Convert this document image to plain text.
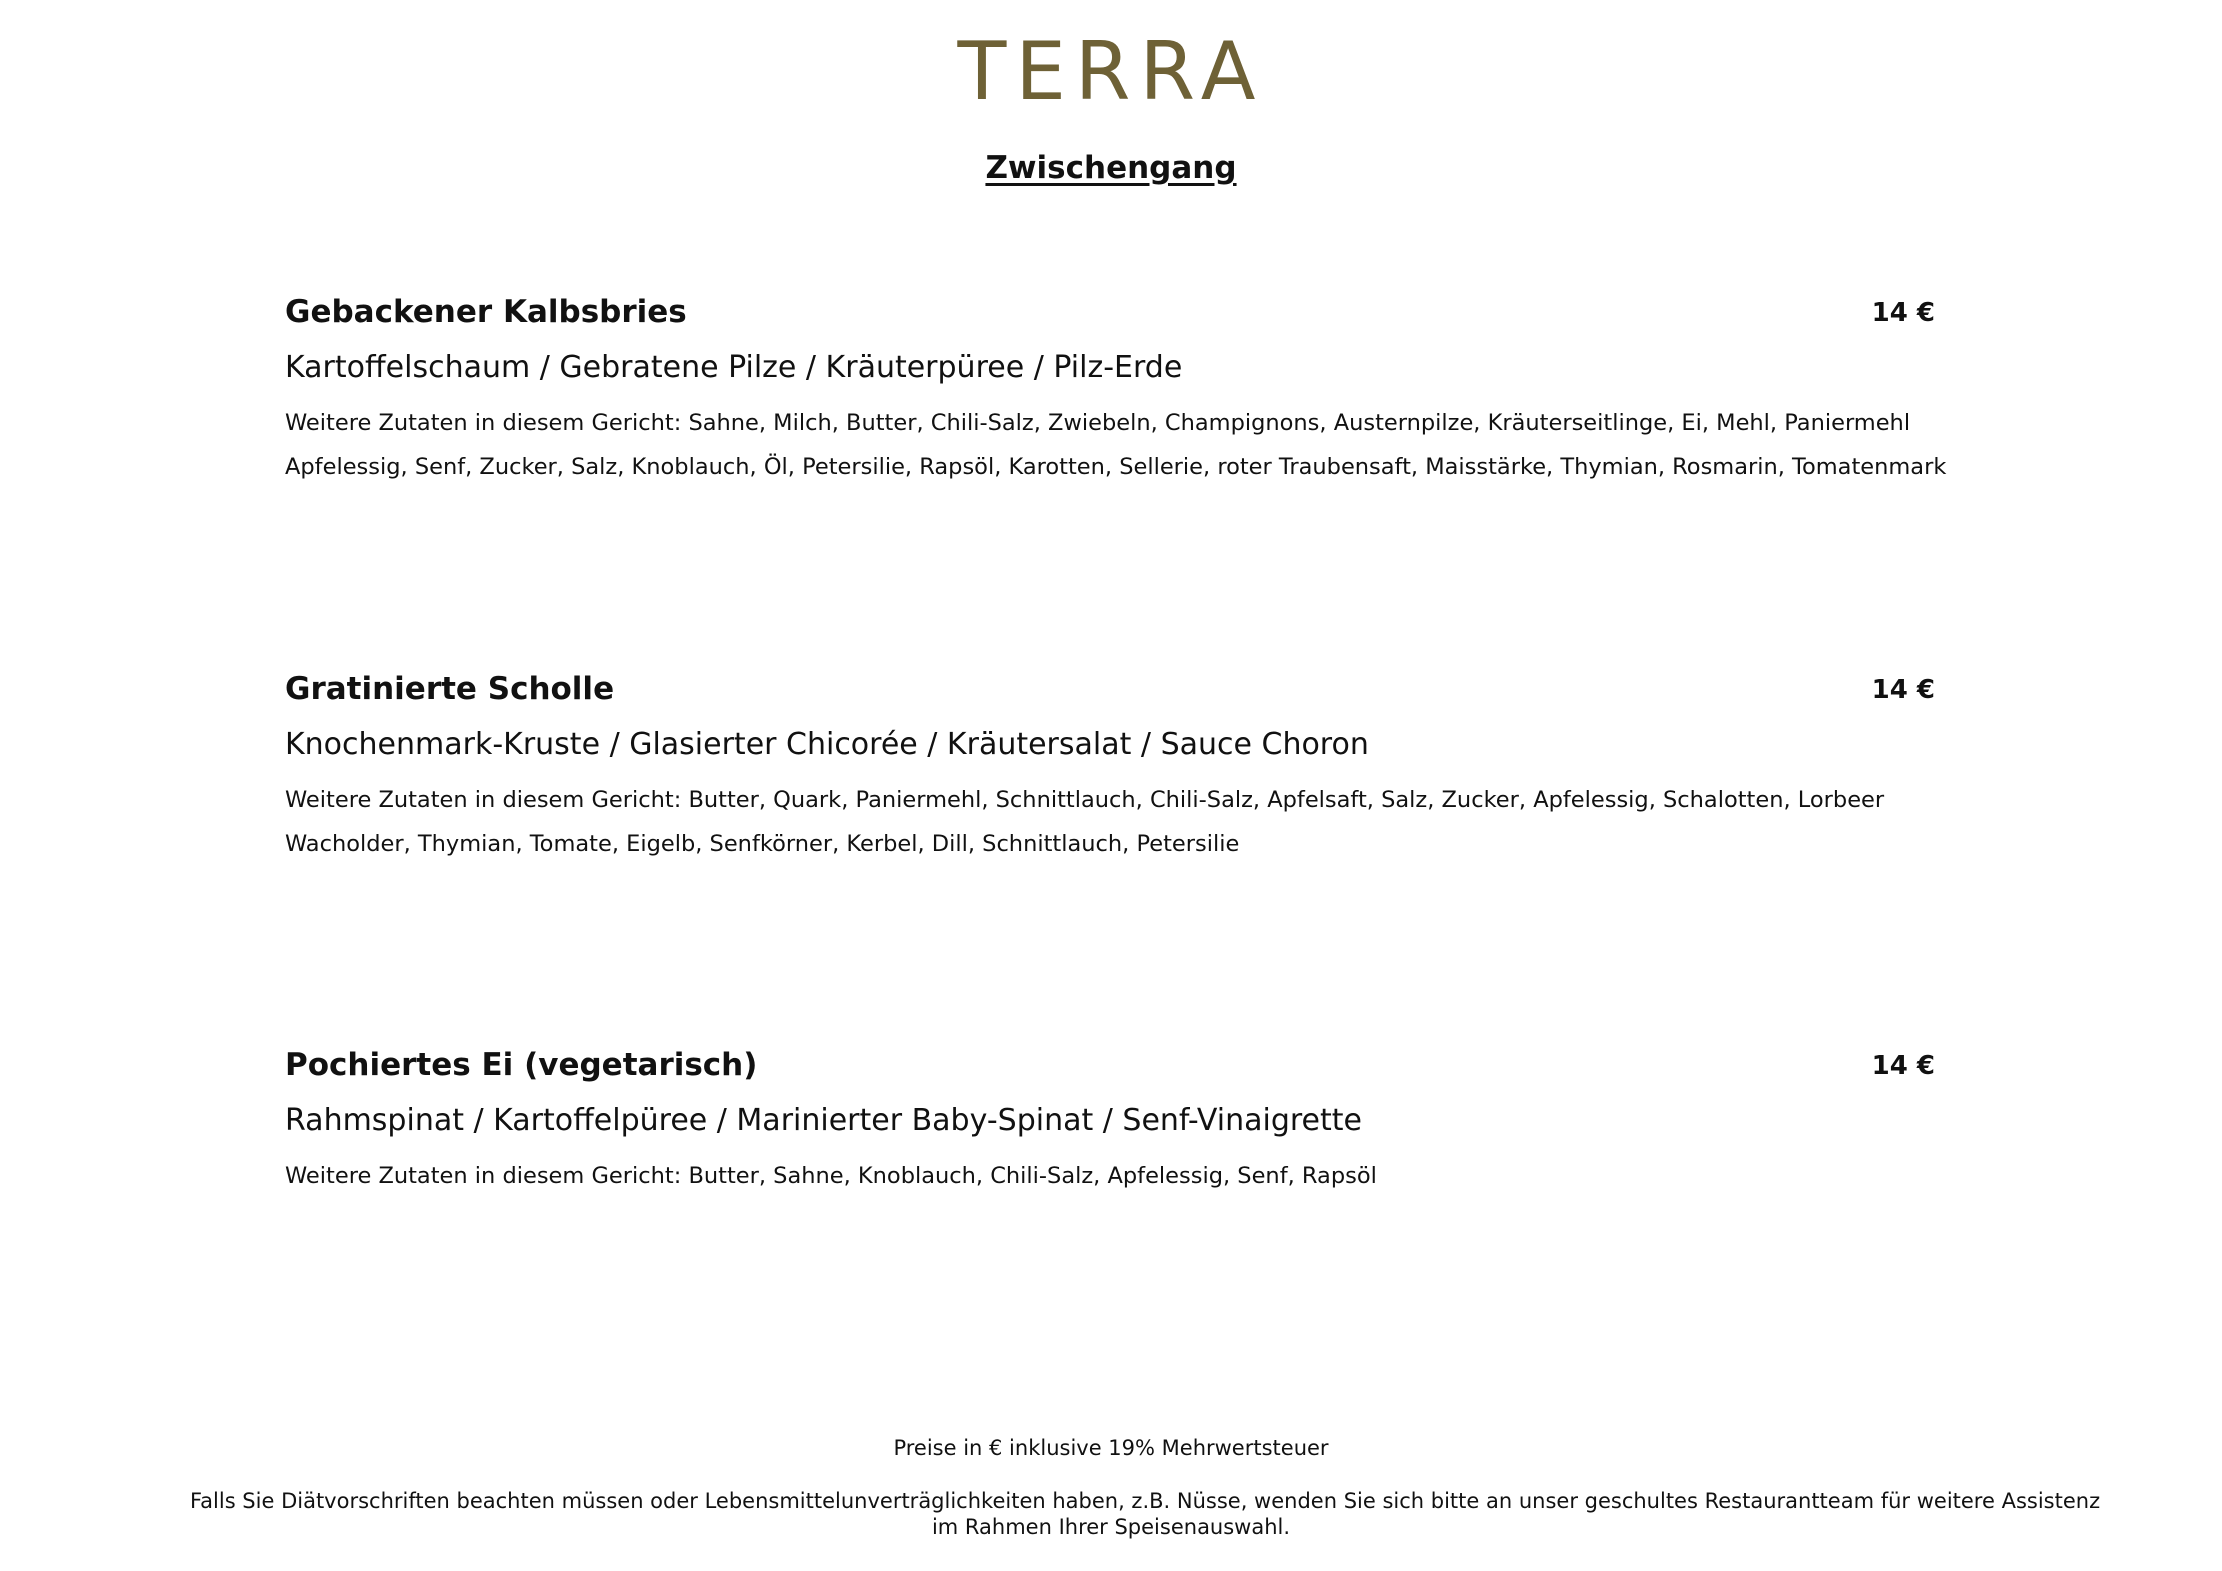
TERRA
Zwischengang
Gebackener Kalbsbries	14 €
Kartoffelschaum / Gebratene Pilze / Kräuterpüree / Pilz-Erde
Weitere Zutaten in diesem Gericht: Sahne, Milch, Butter, Chili-Salz, Zwiebeln, Champignons, Austernpilze, Kräuterseitlinge, Ei, Mehl, Paniermehl
Apfelessig, Senf, Zucker, Salz, Knoblauch, Öl, Petersilie, Rapsöl, Karotten, Sellerie, roter Traubensaft, Maisstärke, Thymian, Rosmarin, Tomatenmark
Gratinierte Scholle	14 €
Knochenmark-Kruste / Glasierter Chicorée / Kräutersalat / Sauce Choron
Weitere Zutaten in diesem Gericht: Butter, Quark, Paniermehl, Schnittlauch, Chili-Salz, Apfelsaft, Salz, Zucker, Apfelessig, Schalotten, Lorbeer
Wacholder, Thymian, Tomate, Eigelb, Senfkörner, Kerbel, Dill, Schnittlauch, Petersilie
Pochiertes Ei (vegetarisch)	14 €
Rahmspinat / Kartoffelpüree / Marinierter Baby-Spinat / Senf-Vinaigrette
Weitere Zutaten in diesem Gericht: Butter, Sahne, Knoblauch, Chili-Salz, Apfelessig, Senf, Rapsöl
Preise in € inklusive 19% Mehrwertsteuer
Falls Sie Diätvorschriften beachten müssen oder Lebensmittelunverträglichkeiten haben, z.B. Nüsse, wenden Sie sich bitte an unser geschultes Restaurantteam für weitere Assistenz
im Rahmen Ihrer Speisenauswahl.
